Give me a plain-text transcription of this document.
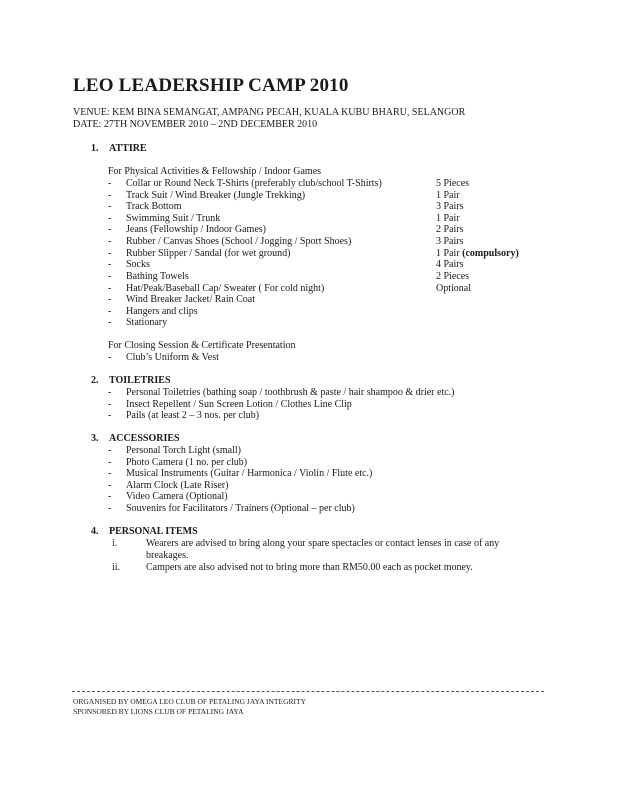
LEO LEADERSHIP CAMP 2010
VENUE: KEM BINA SEMANGAT, AMPANG PECAH, KUALA KUBU BHARU, SELANGOR
DATE: 27TH NOVEMBER 2010 – 2ND DECEMBER 2010
1. ATTIRE
For Physical Activities & Fellowship / Indoor Games
- Collar or Round Neck T-Shirts (preferably club/school T-Shirts)	5 Pieces
- Track Suit / Wind Breaker (Jungle Trekking)	1 Pair
- Track Bottom	3 Pairs
- Swimming Suit / Trunk	1 Pair
- Jeans (Fellowship / Indoor Games)	2 Pairs
- Rubber / Canvas Shoes (School / Jogging / Sport Shoes)	3 Pairs
- Rubber Slipper / Sandal (for wet ground)	1 Pair (compulsory)
- Socks	4 Pairs
- Bathing Towels	2 Pieces
- Hat/Peak/Baseball Cap/ Sweater ( For cold night)	Optional
- Wind Breaker Jacket/ Rain Coat
- Hangers and clips
- Stationary
For Closing Session & Certificate Presentation
- Club’s Uniform & Vest
2. TOILETRIES
- Personal Toiletries (bathing soap / toothbrush & paste / hair shampoo & drier etc.)
- Insect Repellent / Sun Screen Lotion / Clothes Line Clip
- Pails (at least 2 – 3 nos. per club)
3. ACCESSORIES
- Personal Torch Light (small)
- Photo Camera (1 no. per club)
- Musical Instruments (Guitar / Harmonica / Violin / Flute etc.)
- Alarm Clock (Late Riser)
- Video Camera (Optional)
- Souvenirs for Facilitators / Trainers (Optional – per club)
4. PERSONAL ITEMS
i.	Wearers are advised to bring along your spare spectacles or contact lenses in case of any
breakages.
ii.	Campers are also advised not to bring more than RM50.00 each as pocket money.
ORGANISED BY OMEGA LEO CLUB OF PETALING JAYA INTEGRITY
SPONSORED BY LIONS CLUB OF PETALING JAYA
